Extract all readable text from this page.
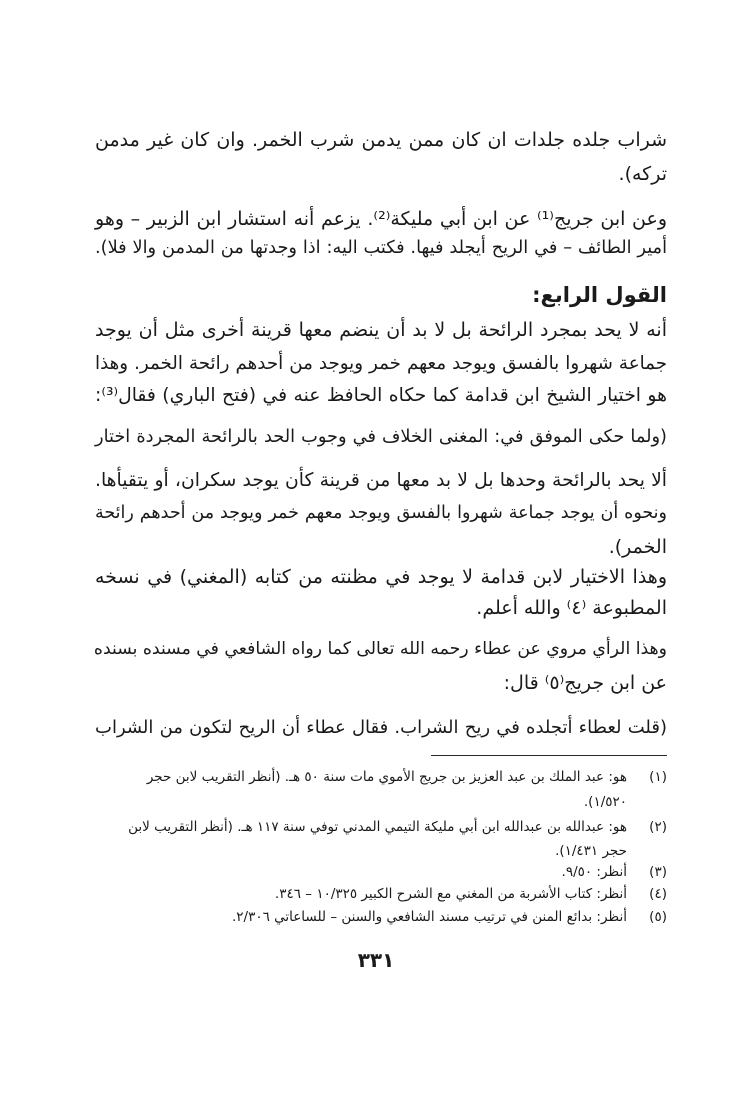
شراب جلده جلدات ان كان ممن يدمن شرب الخمر. وان كان غير مدمن
تركه).
وعن ابن جريج⁽¹⁾ عن ابن أبي مليكة⁽²⁾. يزعم أنه استشار ابن الزبير – وهو
أمير الطائف – في الريح أيجلد فيها. فكتب اليه: اذا وجدتها من المدمن والا فلا).
القول الرابع:
أنه لا يحد بمجرد الرائحة بل لا بد أن ينضم معها قرينة أخرى مثل أن يوجد
جماعة شهروا بالفسق ويوجد معهم خمر ويوجد من أحدهم رائحة الخمر. وهذا
هو اختيار الشيخ ابن قدامة كما حكاه الحافظ عنه في (فتح الباري) فقال⁽³⁾:
(ولما حكى الموفق في: المغنى الخلاف في وجوب الحد بالرائحة المجردة اختار
ألا يحد بالرائحة وحدها بل لا بد معها من قرينة كأن يوجد سكران، أو يتقيأها.
ونحوه أن يوجد جماعة شهروا بالفسق ويوجد معهم خمر ويوجد من أحدهم رائحة
الخمر).
وهذا الاختيار لابن قدامة لا يوجد في مظنته من كتابه (المغني) في نسخه
المطبوعة ⁽٤⁾ والله أعلم.
وهذا الرأي مروي عن عطاء رحمه الله تعالى كما رواه الشافعي في مسنده بسنده
عن ابن جريج⁽٥⁾ قال:
(قلت لعطاء أتجلده في ريح الشراب. فقال عطاء أن الريح لتكون من الشراب
(١)هو: عبد الملك بن عبد العزيز بن جريج الأموي مات سنة ٥٠ هـ. (أنظر التقريب لابن حجر
١/٥٢٠).
(٢)هو: عبدالله بن عبدالله ابن أبي مليكة التيمي المدني توفي سنة ١١٧ هـ. (أنظر التقريب لابن
حجر ١/٤٣١).
(٣)أنظر: ٩/٥٠.
(٤)أنظر: كتاب الأشربة من المغني مع الشرح الكبير ١٠/٣٢٥ – ٣٤٦.
(٥)أنظر: بدائع المنن في ترتيب مسند الشافعي والسنن – للساعاتي ٢/٣٠٦.
٣٣١
